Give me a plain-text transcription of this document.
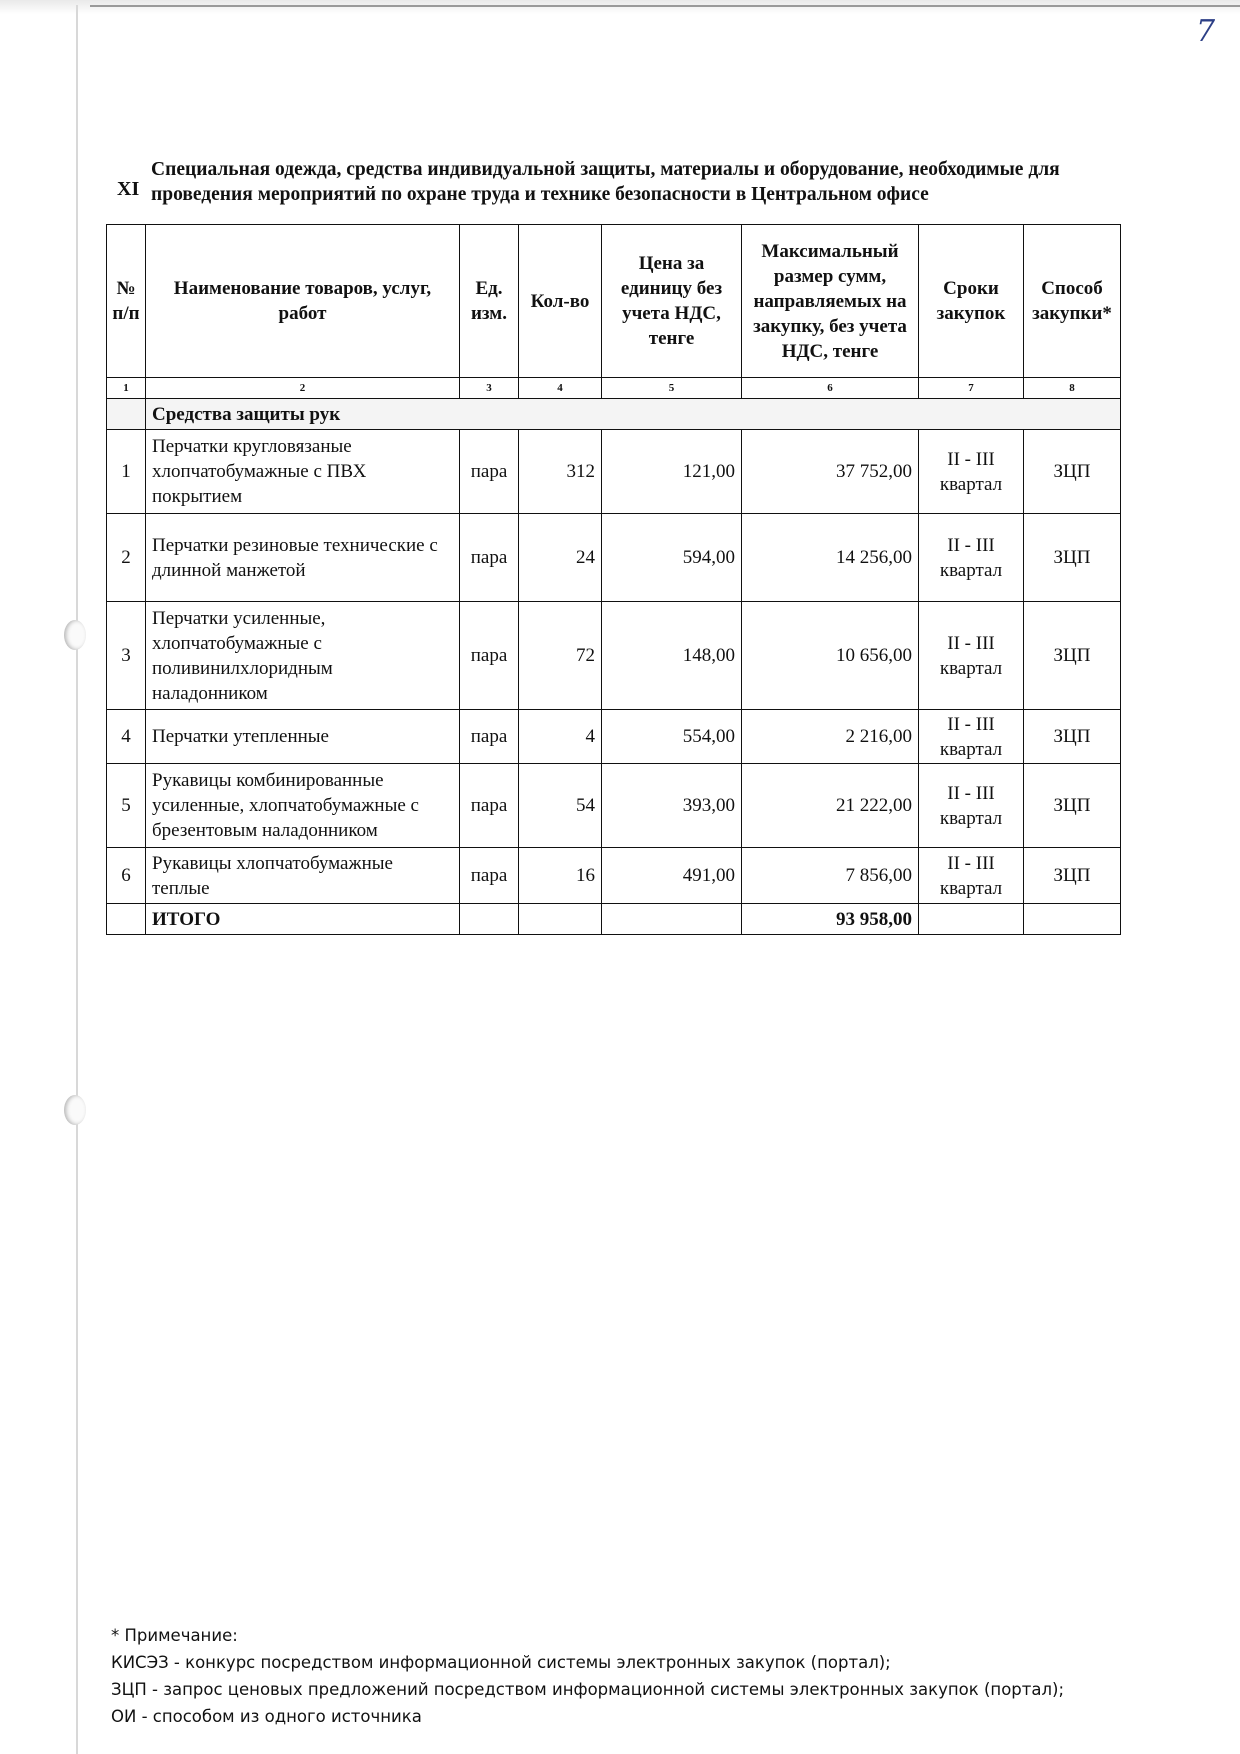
7
XI
Специальная одежда, средства индивидуальной защиты, материалы и оборудование, необходимые для проведения мероприятий по охране труда и технике безопасности в Центральном офисе
№ п/п	Наименование товаров, услуг, работ	Ед. изм.	Кол-во	Цена за единицу без учета НДС, тенге	Максимальный размер сумм, направляемых на закупку, без учета НДС, тенге	Сроки закупок	Способ закупки*
1	2	3	4	5	6	7	8
	Средства защиты рук						
1	Перчатки кругловязаные хлопчатобумажные с ПВХ покрытием	пара	312	121,00	37 752,00	II - III квартал	ЗЦП
2	Перчатки резиновые технические с длинной манжетой	пара	24	594,00	14 256,00	II - III квартал	ЗЦП
3	Перчатки усиленные, хлопчатобумажные с поливинилхлоридным наладонником	пара	72	148,00	10 656,00	II - III квартал	ЗЦП
4	Перчатки утепленные	пара	4	554,00	2 216,00	II - III квартал	ЗЦП
5	Рукавицы комбинированные усиленные, хлопчатобумажные с брезентовым наладонником	пара	54	393,00	21 222,00	II - III квартал	ЗЦП
6	Рукавицы хлопчатобумажные теплые	пара	16	491,00	7 856,00	II - III квартал	ЗЦП
	ИТОГО				93 958,00		
* Примечание:
КИСЭЗ - конкурс посредством информационной системы электронных закупок (портал);
ЗЦП - запрос ценовых предложений посредством информационной системы электронных закупок (портал);
ОИ - способом из одного источника
